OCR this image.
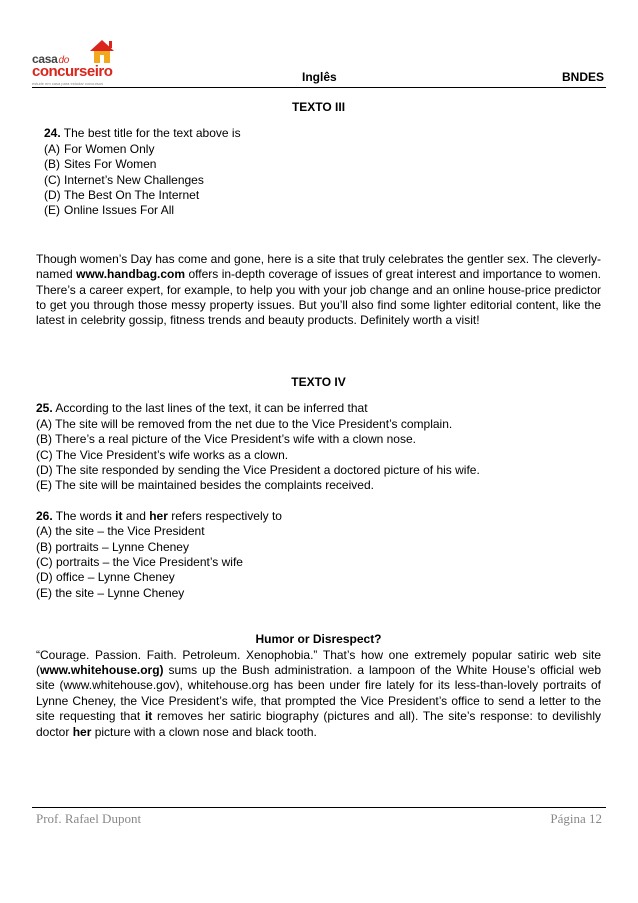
casado
concurseiro
estude em casa para estudar concursos	Inglês	BNDES
TEXTO III
24. The best title for the text above is
(A) For Women Only
(B) Sites For Women
(C) Internet’s New Challenges
(D) The Best On The Internet
(E) Online Issues For All

Though women’s Day has come and gone, here is a site that truly celebrates the gentler sex. The cleverly-named www.handbag.com offers in-depth coverage of issues of great interest and importance to women. There’s a career expert, for example, to help you with your job change and an online house-price predictor to get you through those messy property issues. But you’ll also find some lighter editorial content, like the latest in celebrity gossip, fitness trends and beauty products. Definitely worth a visit!

TEXTO IV
25. According to the last lines of the text, it can be inferred that
(A) The site will be removed from the net due to the Vice President’s complain.
(B) There’s a real picture of the Vice President’s wife with a clown nose.
(C) The Vice President’s wife works as a clown.
(D) The site responded by sending the Vice President a doctored picture of his wife.
(E) The site will be maintained besides the complaints received.
26. The words it and her refers respectively to
(A) the site – the Vice President
(B) portraits – Lynne Cheney
(C) portraits – the Vice President’s wife
(D) office – Lynne Cheney
(E) the site – Lynne Cheney
Humor or Disrespect?

“Courage. Passion. Faith. Petroleum. Xenophobia.” That’s how one extremely popular satiric web site (www.whitehouse.org) sums up the Bush administration. a lampoon of the White House’s official web site (www.whitehouse.gov), whitehouse.org has been under fire lately for its less-than-lovely portraits of Lynne Cheney, the Vice President’s wife, that prompted the Vice President’s office to send a letter to the site requesting that it removes her satiric biography (pictures and all). The site’s response: to devilishly doctor her picture with a clown nose and black tooth.

Prof. Rafael Dupont	Página 12
